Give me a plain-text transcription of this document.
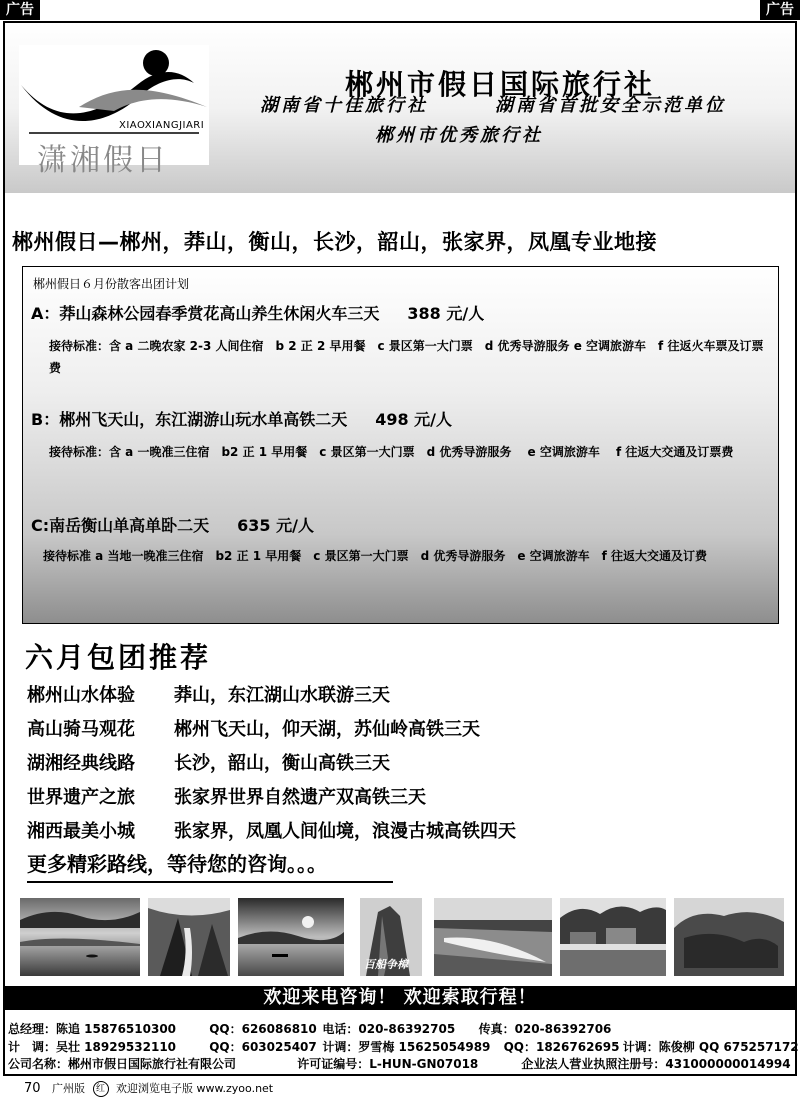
广告	广告
XIAOXIANGJIARI
潇湘假日
郴州市假日国际旅行社
湖南省十佳旅行社	湖南省首批安全示范单位
郴州市优秀旅行社
郴州假日—郴州，莽山，衡山，长沙，韶山，张家界，凤凰专业地接
郴州假日６月份散客出团计划
A：莽山森林公园春季赏花高山养生休闲火车三天 388 元/人
接待标准：含 a 二晚农家 2-3 人间住宿　b 2 正 2 早用餐　c 景区第一大门票　d 优秀导游服务 e 空调旅游车　f 往返火车票及订票费
B：郴州飞天山，东江湖游山玩水单高铁二天 498 元/人
接待标准：含 a 一晚准三住宿　b2 正 1 早用餐　c 景区第一大门票　d 优秀导游服务　 e 空调旅游车　 f 往返大交通及订票费
C:南岳衡山单高单卧二天 635 元/人
接待标准 a 当地一晚准三住宿　b2 正 1 早用餐　c 景区第一大门票　d 优秀导游服务　e 空调旅游车　f 往返大交通及订费
六月包团推荐
郴州山水体验 莽山，东江湖山水联游三天
高山骑马观花 郴州飞天山，仰天湖，苏仙岭高铁三天
湖湘经典线路 长沙，韶山，衡山高铁三天
世界遗产之旅 张家界世界自然遗产双高铁三天
湘西最美小城 张家界，凤凰人间仙境，浪漫古城高铁四天
更多精彩路线，等待您的咨询。。。
百船争樟
欢迎来电咨询！ 欢迎索取行程！
总经理：陈追 15876510300	QQ：626086810 电话：020-86392705 传真：020-86392706
计　调：吴壮 18929532110	QQ：603025407 计调：罗雪梅 15625054989 QQ：1826762695 计调：陈俊柳 QQ 675257172
公司名称：郴州市假日国际旅行社有限公司	许可证编号：L-HUN-GN07018	企业法人营业执照注册号：431000000014994
70 广州版 红 欢迎浏览电子版 www.zyoo.net
